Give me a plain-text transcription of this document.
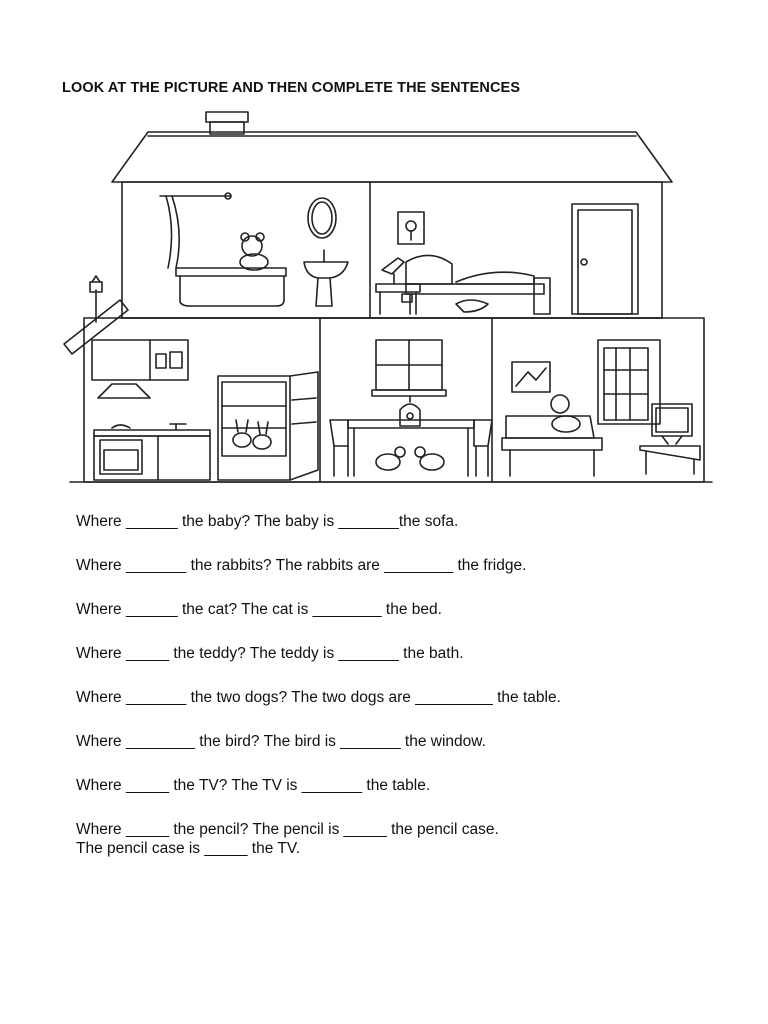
LOOK AT THE PICTURE AND THEN COMPLETE THE SENTENCES

Where ______ the baby? The baby is _______the sofa.

Where _______ the rabbits? The rabbits are ________ the fridge.

Where ______ the cat? The cat is ________ the bed.

Where _____ the teddy? The teddy is _______ the bath.

Where _______ the two dogs? The two dogs are _________ the table.

Where ________ the bird? The bird is _______ the window.

Where _____ the TV? The TV is _______ the table.

Where _____ the pencil? The pencil is _____ the pencil case.

The pencil case is _____ the TV.
